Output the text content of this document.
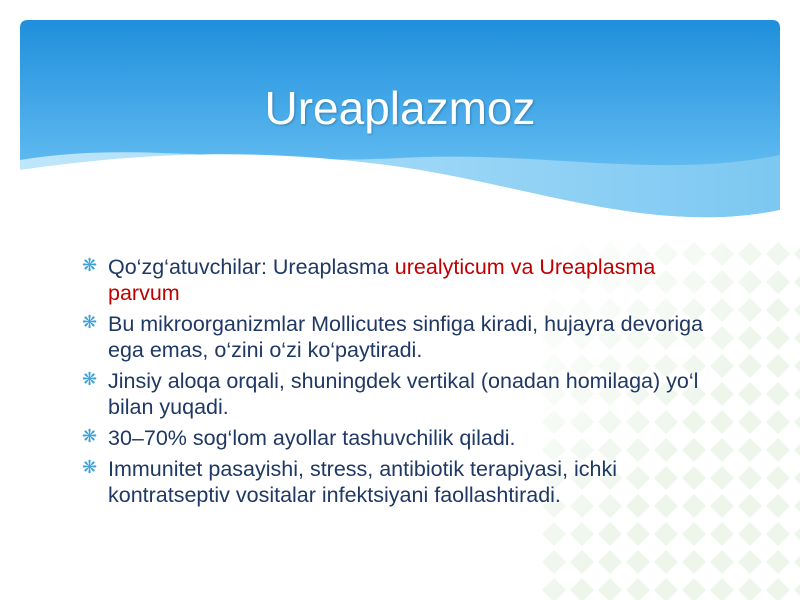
Ureaplazmoz
❋ Qo‘zg‘atuvchilar: Ureaplasma urealyticum va Ureaplasma parvum
❋ Bu mikroorganizmlar Mollicutes sinfiga kiradi, hujayra devoriga ega emas, o‘zini o‘zi ko‘paytiradi.
❋ Jinsiy aloqa orqali, shuningdek vertikal (onadan homilaga) yo‘l bilan yuqadi.
❋ 30–70% sog‘lom ayollar tashuvchilik qiladi.
❋ Immunitet pasayishi, stress, antibiotik terapiyasi, ichki kontratseptiv vositalar infektsiyani faollashtiradi.
